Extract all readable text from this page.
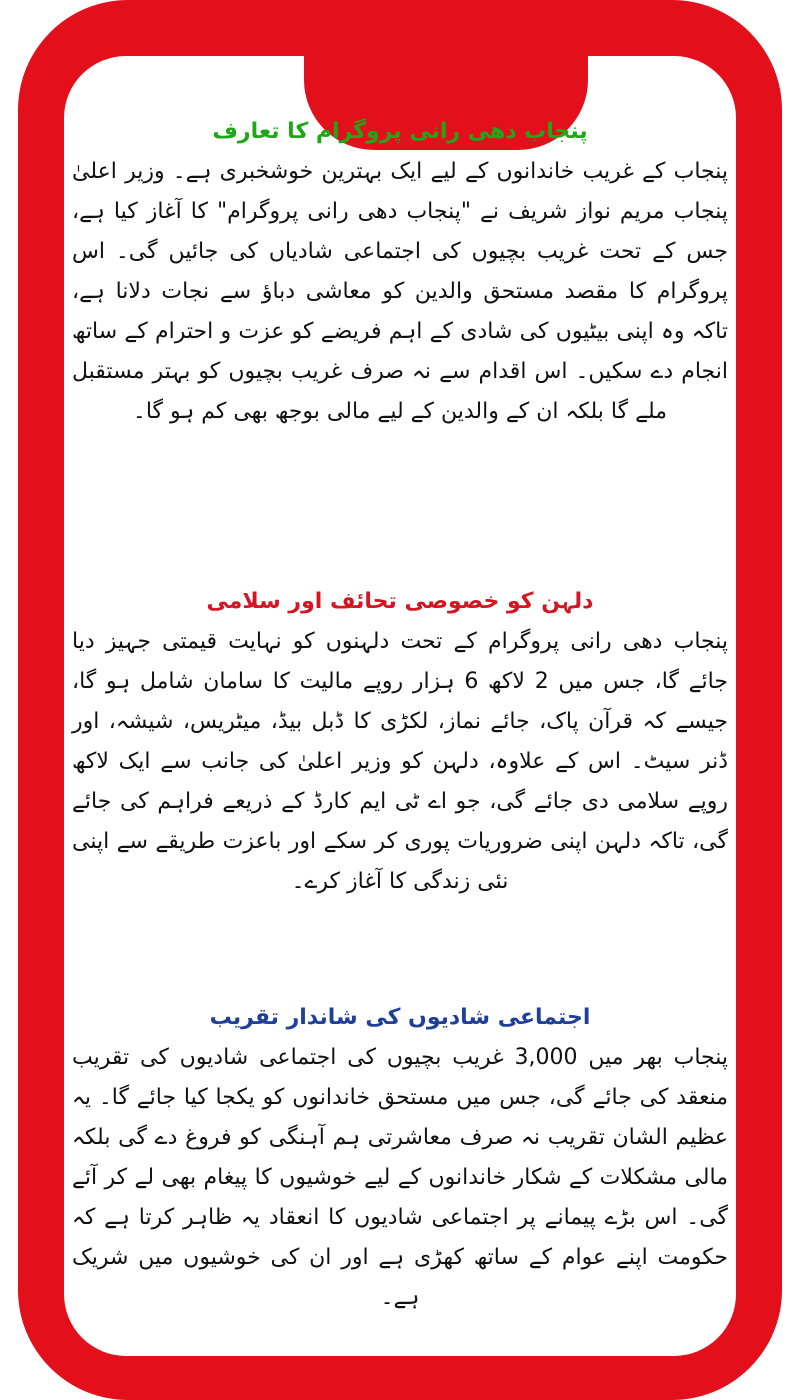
پنجاب دھی رانی پروگرام کا تعارف

پنجاب کے غریب خاندانوں کے لیے ایک بہترین خوشخبری ہے۔ وزیر اعلیٰ پنجاب مریم نواز شریف نے "پنجاب دھی رانی پروگرام" کا آغاز کیا ہے، جس کے تحت غریب بچیوں کی اجتماعی شادیاں کی جائیں گی۔ اس پروگرام کا مقصد مستحق والدین کو معاشی دباؤ سے نجات دلانا ہے، تاکہ وہ اپنی بیٹیوں کی شادی کے اہم فریضے کو عزت و احترام کے ساتھ انجام دے سکیں۔ اس اقدام سے نہ صرف غریب بچیوں کو بہتر مستقبل ملے گا بلکہ ان کے والدین کے لیے مالی بوجھ بھی کم ہو گا۔

دلہن کو خصوصی تحائف اور سلامی

پنجاب دھی رانی پروگرام کے تحت دلہنوں کو نہایت قیمتی جہیز دیا جائے گا، جس میں 2 لاکھ 6 ہزار روپے مالیت کا سامان شامل ہو گا، جیسے کہ قرآن پاک، جائے نماز، لکڑی کا ڈبل بیڈ، میٹریس، شیشہ، اور ڈنر سیٹ۔ اس کے علاوہ، دلہن کو وزیر اعلیٰ کی جانب سے ایک لاکھ روپے سلامی دی جائے گی، جو اے ٹی ایم کارڈ کے ذریعے فراہم کی جائے گی، تاکہ دلہن اپنی ضروریات پوری کر سکے اور باعزت طریقے سے اپنی نئی زندگی کا آغاز کرے۔

اجتماعی شادیوں کی شاندار تقریب

پنجاب بھر میں 3,000 غریب بچیوں کی اجتماعی شادیوں کی تقریب منعقد کی جائے گی، جس میں مستحق خاندانوں کو یکجا کیا جائے گا۔ یہ عظیم الشان تقریب نہ صرف معاشرتی ہم آہنگی کو فروغ دے گی بلکہ مالی مشکلات کے شکار خاندانوں کے لیے خوشیوں کا پیغام بھی لے کر آئے گی۔ اس بڑے پیمانے پر اجتماعی شادیوں کا انعقاد یہ ظاہر کرتا ہے کہ حکومت اپنے عوام کے ساتھ کھڑی ہے اور ان کی خوشیوں میں شریک ہے۔
